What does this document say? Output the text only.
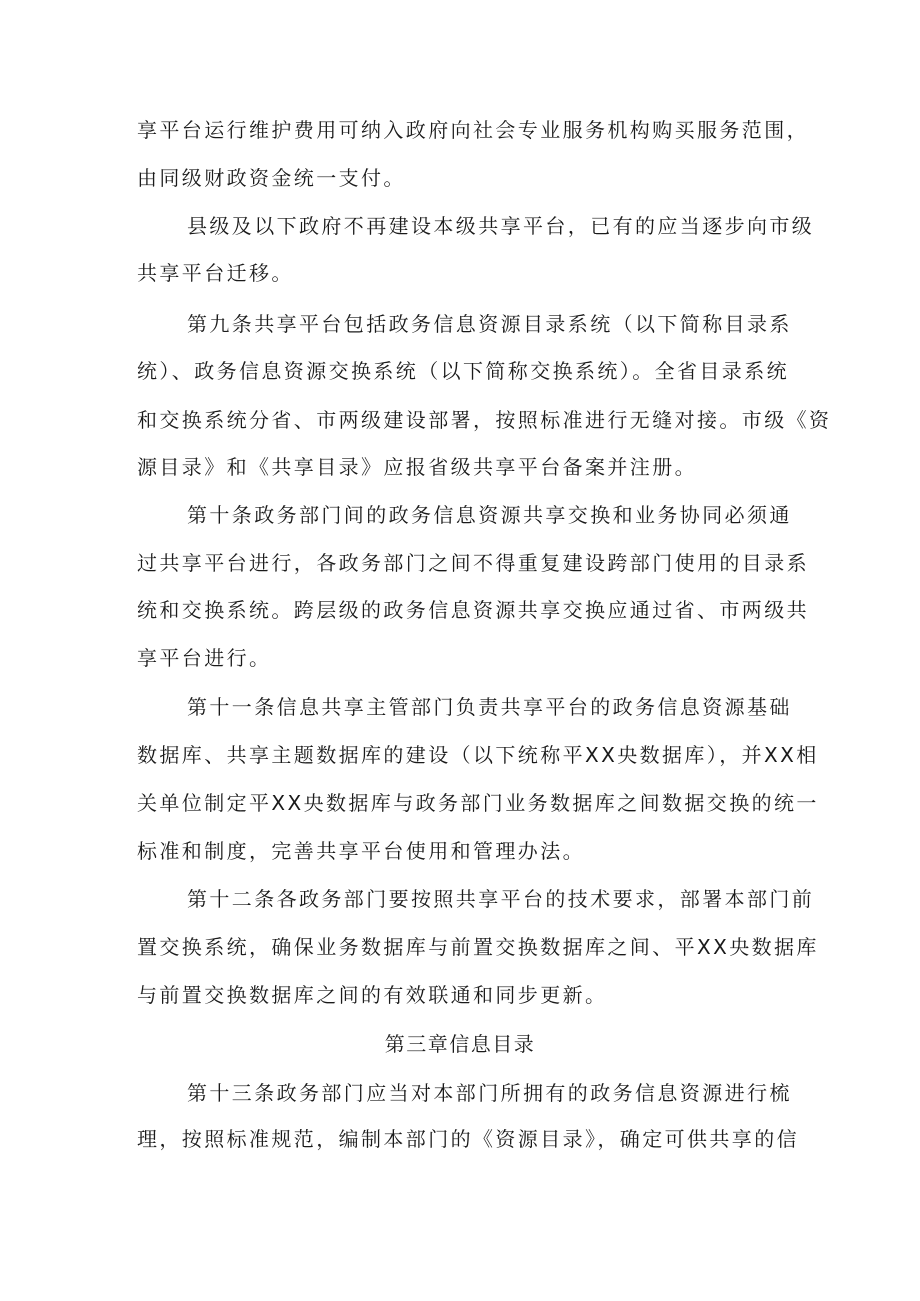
享平台运行维护费用可纳入政府向社会专业服务机构购买服务范围，
由同级财政资金统一支付。
县级及以下政府不再建设本级共享平台，已有的应当逐步向市级
共享平台迁移。
第九条共享平台包括政务信息资源目录系统（以下简称目录系
统）、政务信息资源交换系统（以下简称交换系统）。全省目录系统
和交换系统分省、市两级建设部署，按照标准进行无缝对接。市级《资
源目录》和《共享目录》应报省级共享平台备案并注册。
第十条政务部门间的政务信息资源共享交换和业务协同必须通
过共享平台进行，各政务部门之间不得重复建设跨部门使用的目录系
统和交换系统。跨层级的政务信息资源共享交换应通过省、市两级共
享平台进行。
第十一条信息共享主管部门负责共享平台的政务信息资源基础
数据库、共享主题数据库的建设（以下统称平XX央数据库），并XX相
关单位制定平XX央数据库与政务部门业务数据库之间数据交换的统一
标准和制度，完善共享平台使用和管理办法。
第十二条各政务部门要按照共享平台的技术要求，部署本部门前
置交换系统，确保业务数据库与前置交换数据库之间、平XX央数据库
与前置交换数据库之间的有效联通和同步更新。
第三章信息目录
第十三条政务部门应当对本部门所拥有的政务信息资源进行梳
理，按照标准规范，编制本部门的《资源目录》，确定可供共享的信
